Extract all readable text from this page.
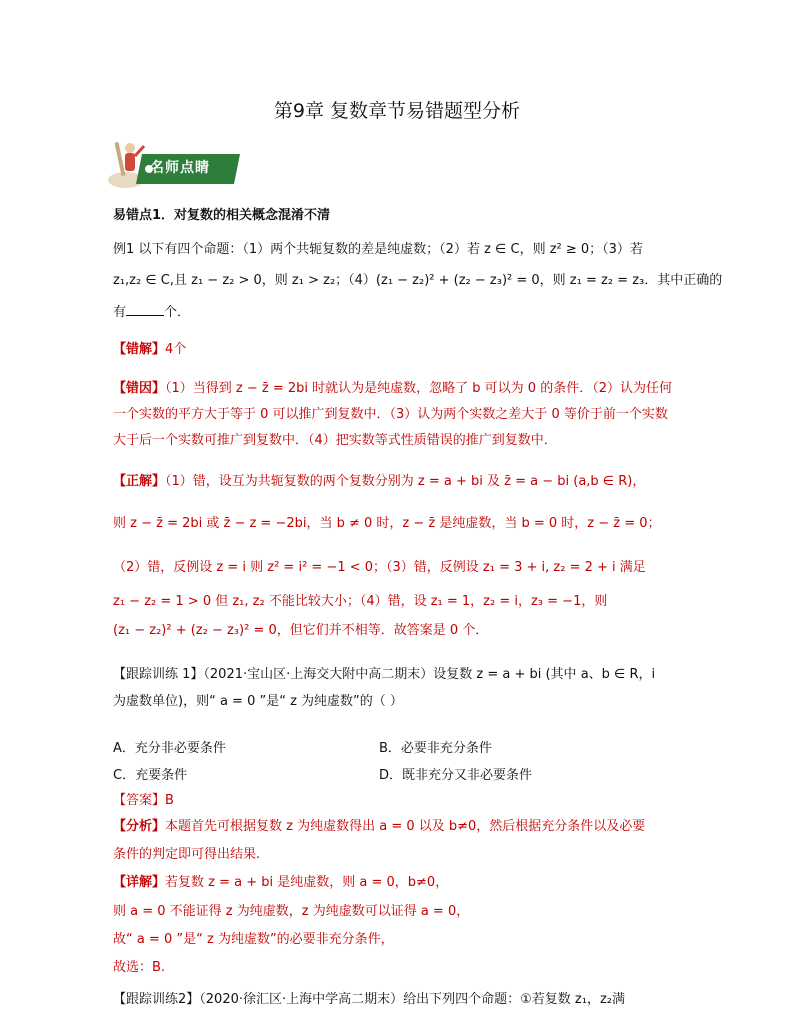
第9章 复数章节易错题型分析
名师点睛
易错点1．对复数的相关概念混淆不清
例1 以下有四个命题：（1）两个共轭复数的差是纯虚数；（2）若 z ∈ C，则 z² ≥ 0；（3）若
z₁,z₂ ∈ C,且 z₁ − z₂ > 0，则 z₁ > z₂；（4）(z₁ − z₂)² + (z₂ − z₃)² = 0，则 z₁ = z₂ = z₃．其中正确的
有	个．
【错解】4个
【错因】（1）当得到 z − z̄ = 2bi 时就认为是纯虚数，忽略了 b 可以为 0 的条件．（2）认为任何
一个实数的平方大于等于 0 可以推广到复数中．（3）认为两个实数之差大于 0 等价于前一个实数
大于后一个实数可推广到复数中．（4）把实数等式性质错误的推广到复数中．
【正解】（1）错，设互为共轭复数的两个复数分别为 z = a + bi 及 z̄ = a − bi (a,b ∈ R)，
则 z − z̄ = 2bi 或 z̄ − z = −2bi，当 b ≠ 0 时，z − z̄ 是纯虚数，当 b = 0 时，z − z̄ = 0；
（2）错，反例设 z = i 则 z² = i² = −1 < 0；（3）错，反例设 z₁ = 3 + i, z₂ = 2 + i 满足
z₁ − z₂ = 1 > 0 但 z₁, z₂ 不能比较大小；（4）错，设 z₁ = 1，z₂ = i，z₃ = −1，则
(z₁ − z₂)² + (z₂ − z₃)² = 0，但它们并不相等．故答案是 0 个．
【跟踪训练 1】（2021·宝山区·上海交大附中高二期末）设复数 z = a + bi (其中 a、b ∈ R，i
为虚数单位)，则“ a = 0 ”是“ z 为纯虚数”的（ ）
A．充分非必要条件	B．必要非充分条件
C．充要条件	D．既非充分又非必要条件
【答案】B
【分析】本题首先可根据复数 z 为纯虚数得出 a = 0 以及 b≠0，然后根据充分条件以及必要
条件的判定即可得出结果.
【详解】若复数 z = a + bi 是纯虚数，则 a = 0，b≠0，
则 a = 0 不能证得 z 为纯虚数，z 为纯虚数可以证得 a = 0，
故“ a = 0 ”是“ z 为纯虚数”的必要非充分条件，
故选：B.
【跟踪训练2】（2020·徐汇区·上海中学高二期末）给出下列四个命题：①若复数 z₁，z₂满
